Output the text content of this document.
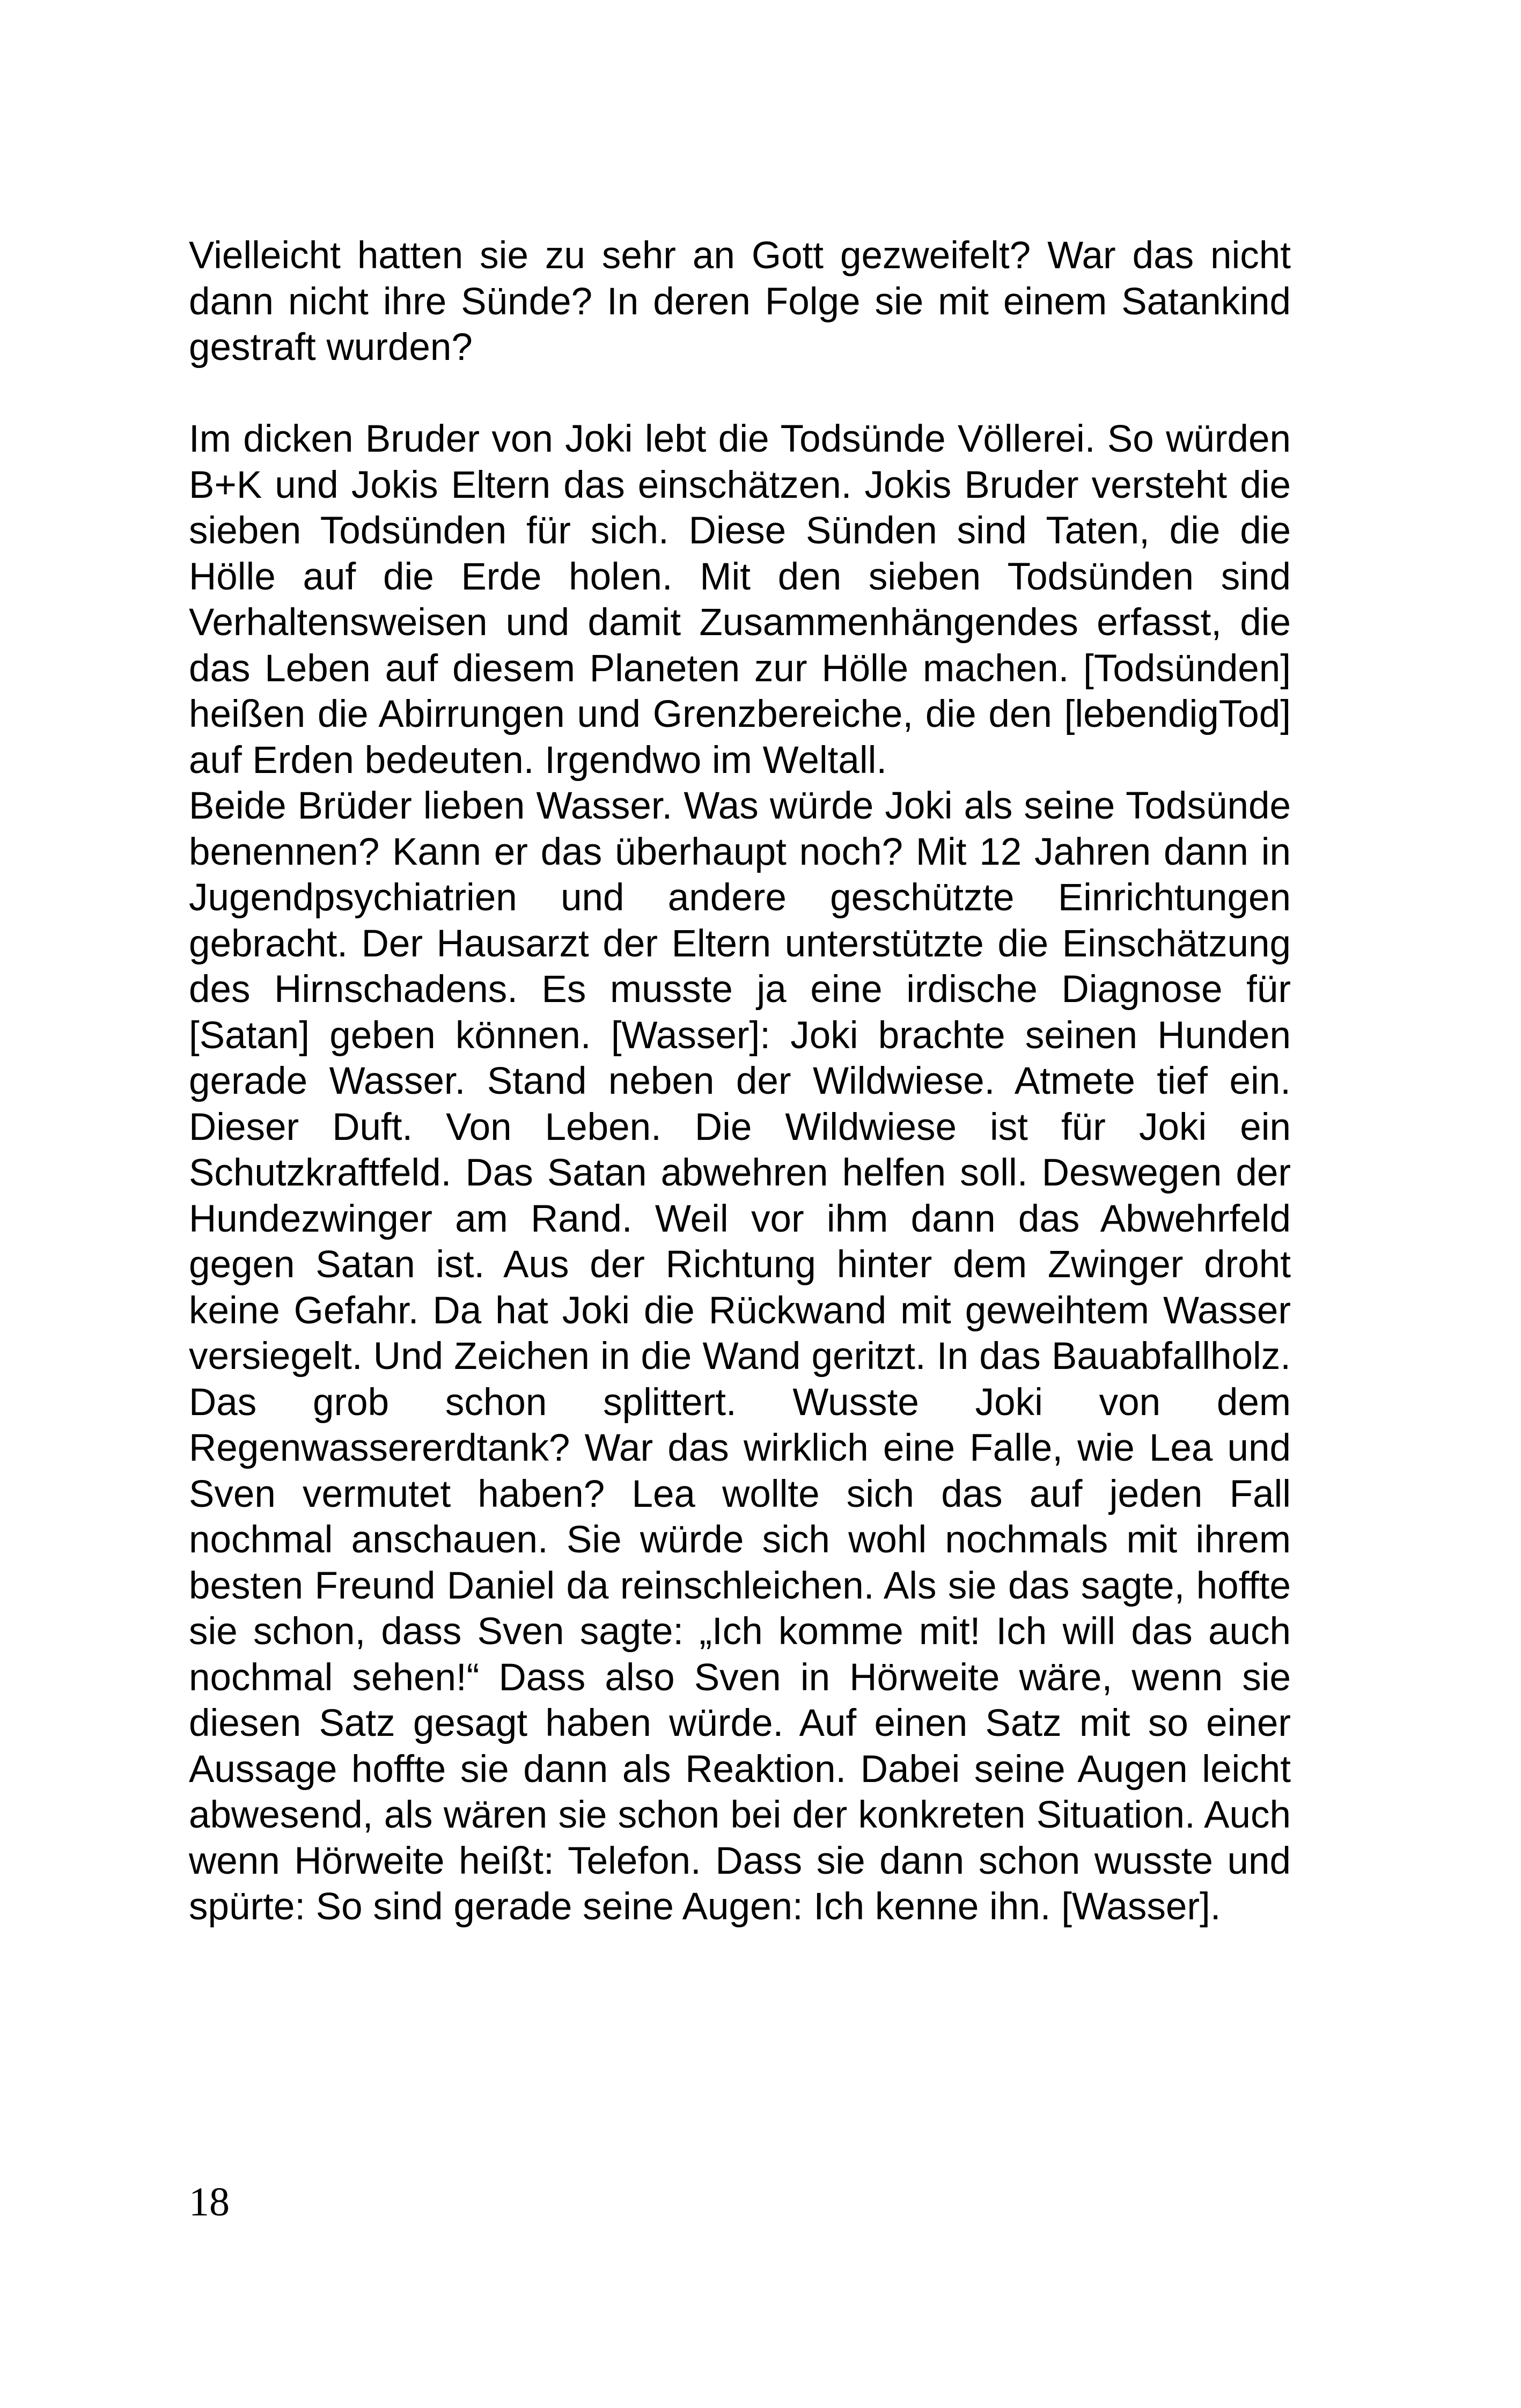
Vielleicht hatten sie zu sehr an Gott gezweifelt? War das nicht dann nicht ihre Sünde? In deren Folge sie mit einem Satankind gestraft wurden?

Im dicken Bruder von Joki lebt die Todsünde Völlerei. So würden B+K und Jokis Eltern das einschätzen. Jokis Bruder versteht die sieben Todsünden für sich. Diese Sünden sind Taten, die die Hölle auf die Erde holen. Mit den sieben Todsünden sind Verhaltensweisen und damit Zusammenhängendes erfasst, die das Leben auf diesem Planeten zur Hölle machen. [Todsünden] heißen die Abirrungen und Grenzbereiche, die den [lebendigTod] auf Erden bedeuten. Irgendwo im Weltall.

Beide Brüder lieben Wasser. Was würde Joki als seine Todsünde benennen? Kann er das überhaupt noch? Mit 12 Jahren dann in Jugendpsychiatrien und andere geschützte Einrichtungen gebracht. Der Hausarzt der Eltern unterstützte die Einschätzung des Hirnschadens. Es musste ja eine irdische Diagnose für [Satan] geben können. [Wasser]: Joki brachte seinen Hunden gerade Wasser. Stand neben der Wildwiese. Atmete tief ein. Dieser Duft. Von Leben. Die Wildwiese ist für Joki ein Schutzkraftfeld. Das Satan abwehren helfen soll. Deswegen der Hundezwinger am Rand. Weil vor ihm dann das Abwehrfeld gegen Satan ist. Aus der Richtung hinter dem Zwinger droht keine Gefahr. Da hat Joki die Rückwand mit geweihtem Wasser versiegelt. Und Zeichen in die Wand geritzt. In das Bauabfallholz. Das grob schon splittert. Wusste Joki von dem Regenwassererdtank? War das wirklich eine Falle, wie Lea und Sven vermutet haben? Lea wollte sich das auf jeden Fall nochmal anschauen. Sie würde sich wohl nochmals mit ihrem besten Freund Daniel da reinschleichen. Als sie das sagte, hoffte sie schon, dass Sven sagte: „Ich komme mit! Ich will das auch nochmal sehen!“ Dass also Sven in Hörweite wäre, wenn sie diesen Satz gesagt haben würde. Auf einen Satz mit so einer Aussage hoffte sie dann als Reaktion. Dabei seine Augen leicht abwesend, als wären sie schon bei der konkreten Situation. Auch wenn Hörweite heißt: Telefon. Dass sie dann schon wusste und spürte: So sind gerade seine Augen: Ich kenne ihn. [Wasser].

18
